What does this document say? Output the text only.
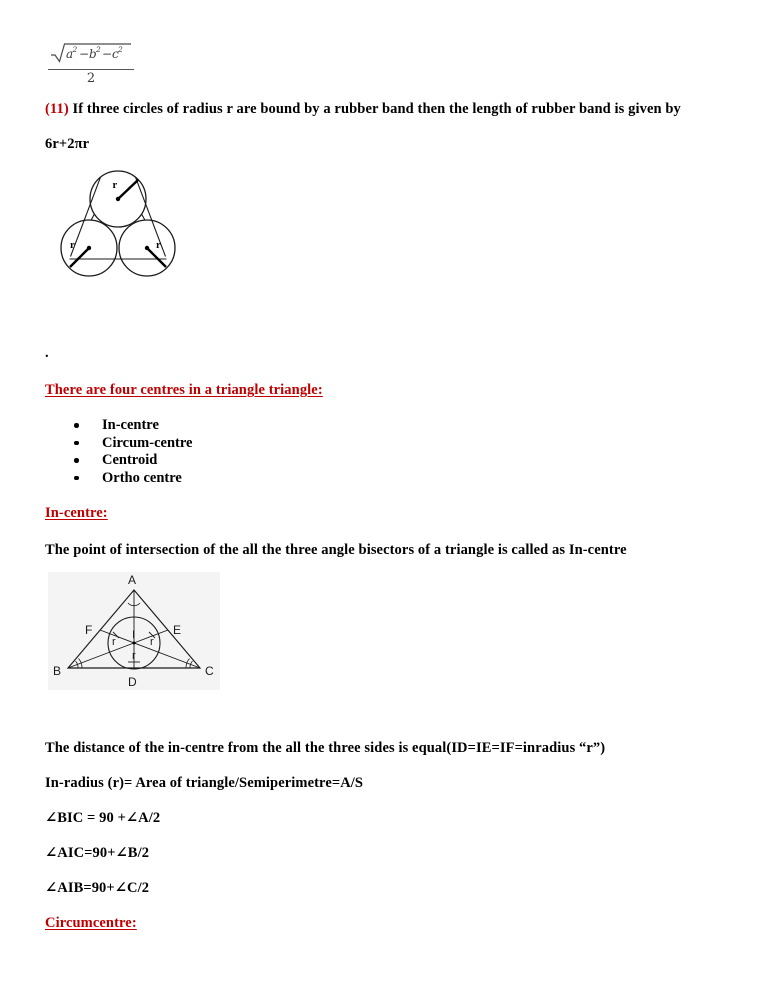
a 2 − b 2 − c 2
2
(11) If three circles of radius r are bound by a rubber band then the length of rubber band is given by
6r+2πr
r
r	r
.
There are four centres in a triangle triangle:
In-centre
Circum-centre
Centroid
Ortho centre
In-centre:
The point of intersection of the all the three angle bisectors of a triangle is called as In-centre
A
B	C
D
F	E
I
r	r
r
The distance of the in-centre from the all the three sides is equal(ID=IE=IF=inradius “r”)
In-radius (r)= Area of triangle/Semiperimetre=A/S
∠BIC = 90 +∠A/2
∠AIC=90+∠B/2
∠AIB=90+∠C/2
Circumcentre:
